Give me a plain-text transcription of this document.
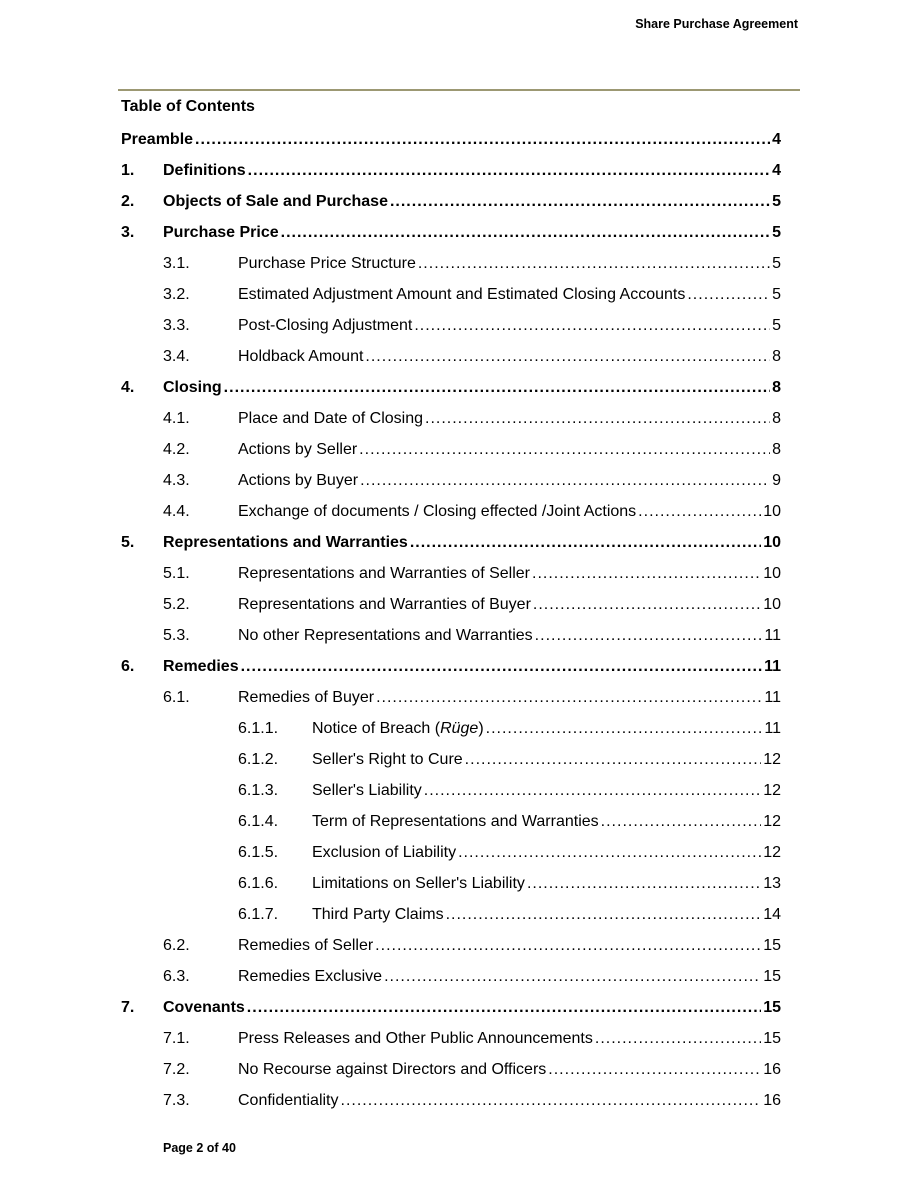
Share Purchase Agreement
Table of Contents
Preamble .....	4
1.	Definitions .....	4
2.	Objects of Sale and Purchase .....	5
3.	Purchase Price .....	5
3.1.	Purchase Price Structure .....	5
3.2.	Estimated Adjustment Amount and Estimated Closing Accounts .....	5
3.3.	Post-Closing Adjustment .....	5
3.4.	Holdback Amount .....	8
4.	Closing .....	8
4.1.	Place and Date of Closing .....	8
4.2.	Actions by Seller .....	8
4.3.	Actions by Buyer .....	9
4.4.	Exchange of documents / Closing effected /Joint Actions .....	10
5.	Representations and Warranties .....	10
5.1.	Representations and Warranties of Seller .....	10
5.2.	Representations and Warranties of Buyer .....	10
5.3.	No other Representations and Warranties .....	11
6.	Remedies .....	11
6.1.	Remedies of Buyer .....	11
6.1.1.	Notice of Breach (Rüge) .....	11
6.1.2.	Seller's Right to Cure .....	12
6.1.3.	Seller's Liability .....	12
6.1.4.	Term of Representations and Warranties .....	12
6.1.5.	Exclusion of Liability .....	12
6.1.6.	Limitations on Seller's Liability .....	13
6.1.7.	Third Party Claims .....	14
6.2.	Remedies of Seller .....	15
6.3.	Remedies Exclusive .....	15
7.	Covenants .....	15
7.1.	Press Releases and Other Public Announcements .....	15
7.2.	No Recourse against Directors and Officers .....	16
7.3.	Confidentiality .....	16
Page 2 of 40
